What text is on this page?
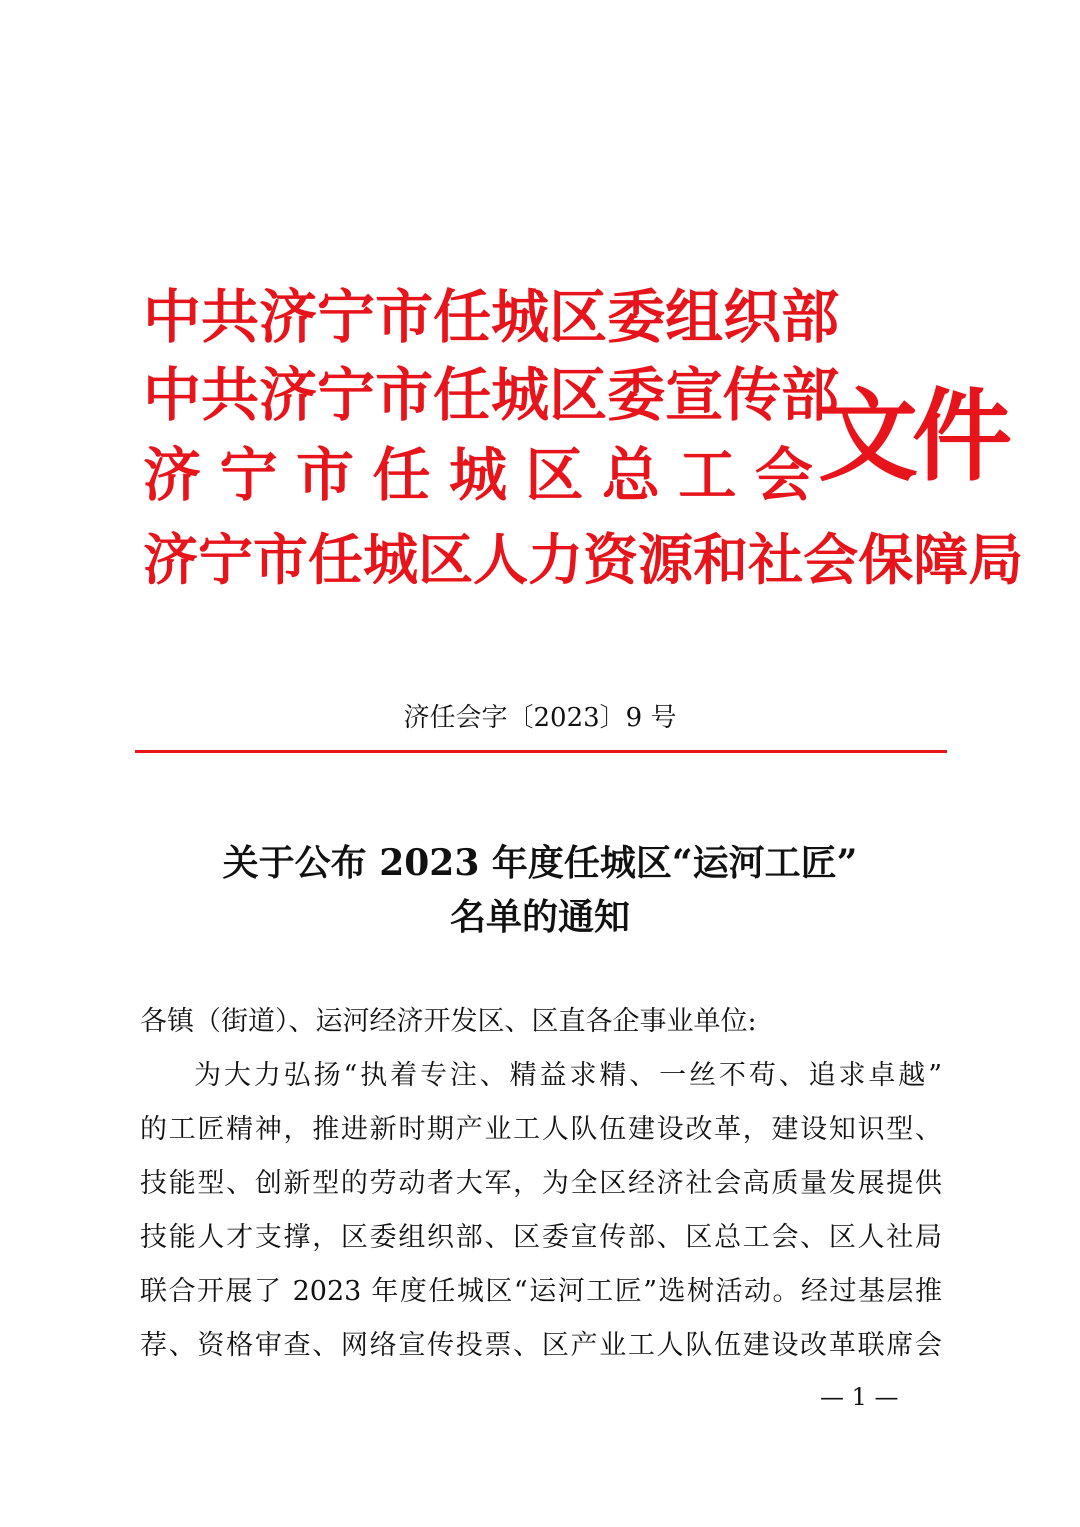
中 共 济 宁 市 任 城 区 委 组 织 部
中 共 济 宁 市 任 城 区 委 宣 传 部
济 宁 市 任 城 区 总 工 会
济 宁 市 任 城 区 人 力 资 源 和 社 会 保 障 局
文件
济任会字〔2023〕9 号
关于公布 2023 年度任城区“运河工匠”
名单的通知
各镇（街道）、运河经济开发区、区直各企事业单位:
为大力弘扬“执着专注、精益求精、一丝不苟、追求卓越”
的工匠精神，推进新时期产业工人队伍建设改革，建设知识型、
技能型、创新型的劳动者大军，为全区经济社会高质量发展提供
技能人才支撑，区委组织部、区委宣传部、区总工会、区人社局
联合开展了 2023 年度任城区“运河工匠”选树活动。经过基层推
荐、资格审查、网络宣传投票、区产业工人队伍建设改革联席会
— 1 —
